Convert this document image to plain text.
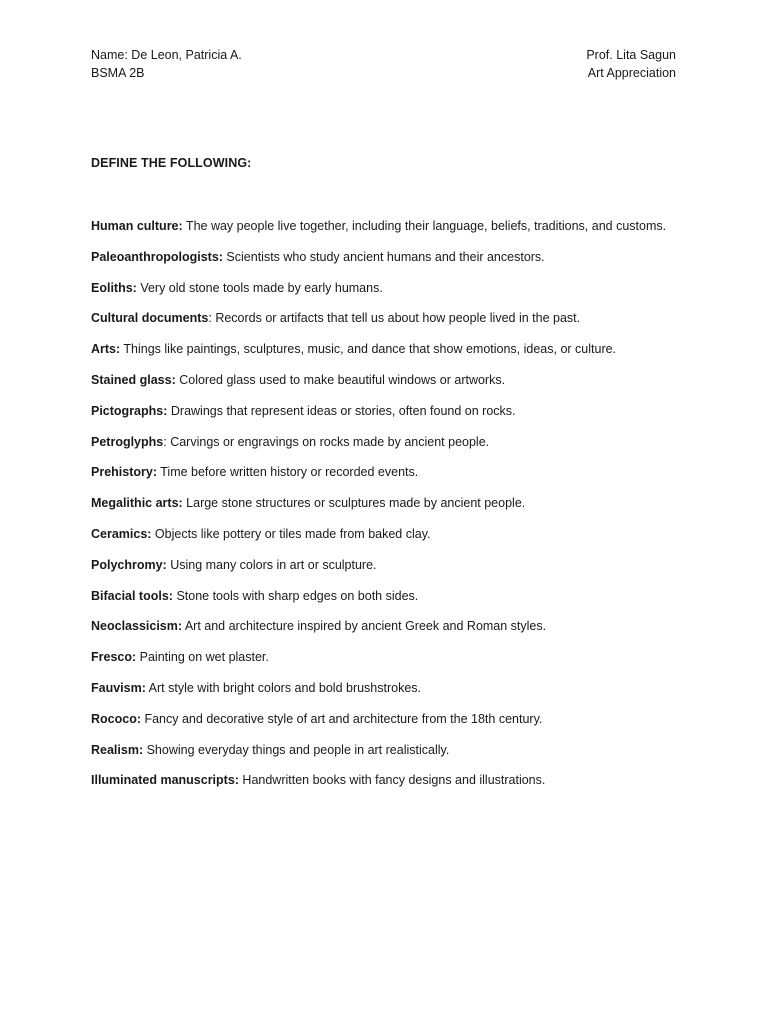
Name: De Leon, Patricia A.
BSMA 2B
Prof. Lita Sagun
Art Appreciation
DEFINE THE FOLLOWING:
Human culture: The way people live together, including their language, beliefs, traditions, and customs.
Paleoanthropologists: Scientists who study ancient humans and their ancestors.
Eoliths: Very old stone tools made by early humans.
Cultural documents: Records or artifacts that tell us about how people lived in the past.
Arts: Things like paintings, sculptures, music, and dance that show emotions, ideas, or culture.
Stained glass: Colored glass used to make beautiful windows or artworks.
Pictographs: Drawings that represent ideas or stories, often found on rocks.
Petroglyphs: Carvings or engravings on rocks made by ancient people.
Prehistory: Time before written history or recorded events.
Megalithic arts: Large stone structures or sculptures made by ancient people.
Ceramics: Objects like pottery or tiles made from baked clay.
Polychromy: Using many colors in art or sculpture.
Bifacial tools: Stone tools with sharp edges on both sides.
Neoclassicism: Art and architecture inspired by ancient Greek and Roman styles.
Fresco: Painting on wet plaster.
Fauvism: Art style with bright colors and bold brushstrokes.
Rococo: Fancy and decorative style of art and architecture from the 18th century.
Realism: Showing everyday things and people in art realistically.
Illuminated manuscripts: Handwritten books with fancy designs and illustrations.
